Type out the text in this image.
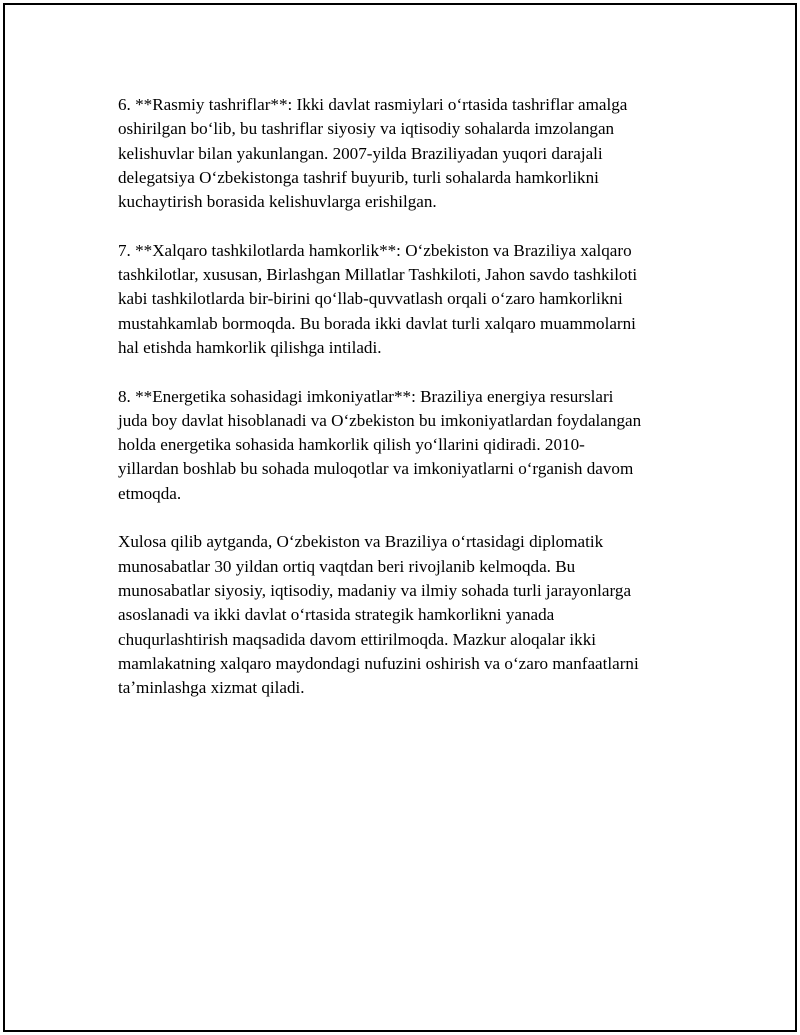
6. **Rasmiy tashriflar**: Ikki davlat rasmiylari oʻrtasida tashriflar amalga
oshirilgan boʻlib, bu tashriflar siyosiy va iqtisodiy sohalarda imzolangan
kelishuvlar bilan yakunlangan. 2007-yilda Braziliyadan yuqori darajali
delegatsiya Oʻzbekistonga tashrif buyurib, turli sohalarda hamkorlikni
kuchaytirish borasida kelishuvlarga erishilgan.
7. **Xalqaro tashkilotlarda hamkorlik**: Oʻzbekiston va Braziliya xalqaro
tashkilotlar, xususan, Birlashgan Millatlar Tashkiloti, Jahon savdo tashkiloti
kabi tashkilotlarda bir-birini qoʻllab-quvvatlash orqali oʻzaro hamkorlikni
mustahkamlab bormoqda. Bu borada ikki davlat turli xalqaro muammolarni
hal etishda hamkorlik qilishga intiladi.
8. **Energetika sohasidagi imkoniyatlar**: Braziliya energiya resurslari
juda boy davlat hisoblanadi va Oʻzbekiston bu imkoniyatlardan foydalangan
holda energetika sohasida hamkorlik qilish yoʻllarini qidiradi. 2010-
yillardan boshlab bu sohada muloqotlar va imkoniyatlarni oʻrganish davom
etmoqda.
Xulosa qilib aytganda, Oʻzbekiston va Braziliya oʻrtasidagi diplomatik
munosabatlar 30 yildan ortiq vaqtdan beri rivojlanib kelmoqda. Bu
munosabatlar siyosiy, iqtisodiy, madaniy va ilmiy sohada turli jarayonlarga
asoslanadi va ikki davlat oʻrtasida strategik hamkorlikni yanada
chuqurlashtirish maqsadida davom ettirilmoqda. Mazkur aloqalar ikki
mamlakatning xalqaro maydondagi nufuzini oshirish va oʻzaro manfaatlarni
taʼminlashga xizmat qiladi.
